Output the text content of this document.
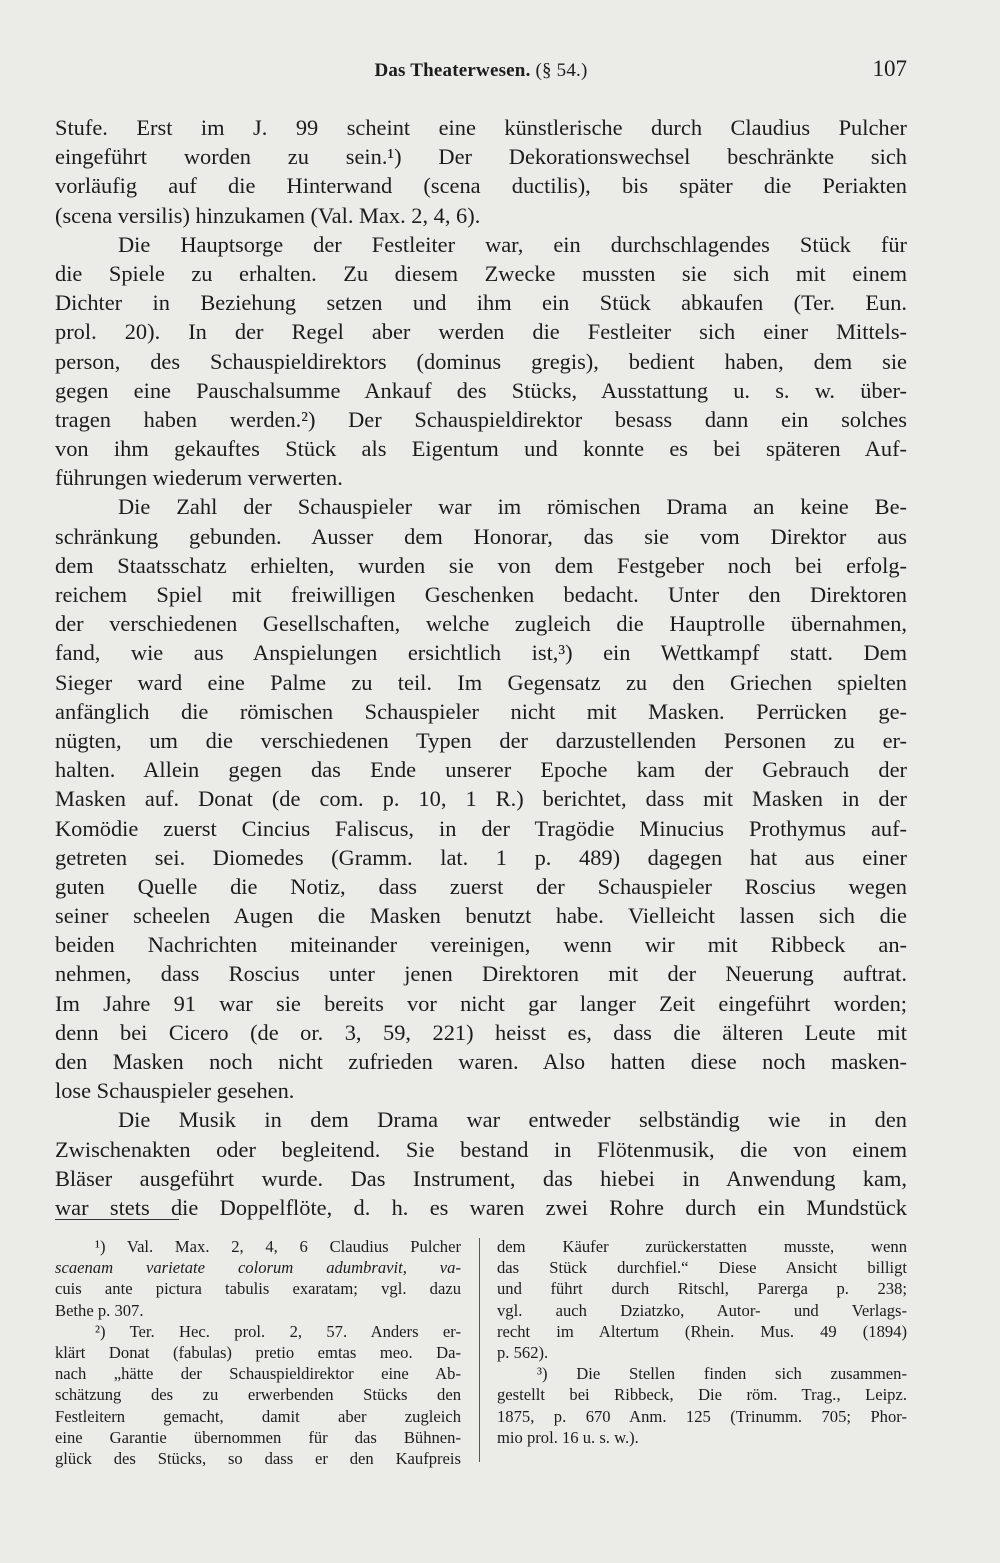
Das Theaterwesen. (§ 54.)	107
Stufe. Erst im J. 99 scheint eine künstlerische durch Claudius Pulcher
eingeführt worden zu sein.¹) Der Dekorationswechsel beschränkte sich
vorläufig auf die Hinterwand (scena ductilis), bis später die Periakten
(scena versilis) hinzukamen (Val. Max. 2, 4, 6).
Die Hauptsorge der Festleiter war, ein durchschlagendes Stück für
die Spiele zu erhalten. Zu diesem Zwecke mussten sie sich mit einem
Dichter in Beziehung setzen und ihm ein Stück abkaufen (Ter. Eun.
prol. 20). In der Regel aber werden die Festleiter sich einer Mittels-
person, des Schauspieldirektors (dominus gregis), bedient haben, dem sie
gegen eine Pauschalsumme Ankauf des Stücks, Ausstattung u. s. w. über-
tragen haben werden.²) Der Schauspieldirektor besass dann ein solches
von ihm gekauftes Stück als Eigentum und konnte es bei späteren Auf-
führungen wiederum verwerten.
Die Zahl der Schauspieler war im römischen Drama an keine Be-
schränkung gebunden. Ausser dem Honorar, das sie vom Direktor aus
dem Staatsschatz erhielten, wurden sie von dem Festgeber noch bei erfolg-
reichem Spiel mit freiwilligen Geschenken bedacht. Unter den Direktoren
der verschiedenen Gesellschaften, welche zugleich die Hauptrolle übernahmen,
fand, wie aus Anspielungen ersichtlich ist,³) ein Wettkampf statt. Dem
Sieger ward eine Palme zu teil. Im Gegensatz zu den Griechen spielten
anfänglich die römischen Schauspieler nicht mit Masken. Perrücken ge-
nügten, um die verschiedenen Typen der darzustellenden Personen zu er-
halten. Allein gegen das Ende unserer Epoche kam der Gebrauch der
Masken auf. Donat (de com. p. 10, 1 R.) berichtet, dass mit Masken in der
Komödie zuerst Cincius Faliscus, in der Tragödie Minucius Prothymus auf-
getreten sei. Diomedes (Gramm. lat. 1 p. 489) dagegen hat aus einer
guten Quelle die Notiz, dass zuerst der Schauspieler Roscius wegen
seiner scheelen Augen die Masken benutzt habe. Vielleicht lassen sich die
beiden Nachrichten miteinander vereinigen, wenn wir mit Ribbeck an-
nehmen, dass Roscius unter jenen Direktoren mit der Neuerung auftrat.
Im Jahre 91 war sie bereits vor nicht gar langer Zeit eingeführt worden;
denn bei Cicero (de or. 3, 59, 221) heisst es, dass die älteren Leute mit
den Masken noch nicht zufrieden waren. Also hatten diese noch masken-
lose Schauspieler gesehen.
Die Musik in dem Drama war entweder selbständig wie in den
Zwischenakten oder begleitend. Sie bestand in Flötenmusik, die von einem
Bläser ausgeführt wurde. Das Instrument, das hiebei in Anwendung kam,
war stets die Doppelflöte, d. h. es waren zwei Rohre durch ein Mundstück
¹) Val. Max. 2, 4, 6 Claudius Pulcher
scaenam varietate colorum adumbravit, va-
cuis ante pictura tabulis exaratam; vgl. dazu
Bethe p. 307.
²) Ter. Hec. prol. 2, 57. Anders er-
klärt Donat (fabulas) pretio emtas meo. Da-
nach „hätte der Schauspieldirektor eine Ab-
schätzung des zu erwerbenden Stücks den
Festleitern gemacht, damit aber zugleich
eine Garantie übernommen für das Bühnen-
glück des Stücks, so dass er den Kaufpreis
dem Käufer zurückerstatten musste, wenn
das Stück durchfiel.“ Diese Ansicht billigt
und führt durch Ritschl, Parerga p. 238;
vgl. auch Dziatzko, Autor- und Verlags-
recht im Altertum (Rhein. Mus. 49 (1894)
p. 562).
³) Die Stellen finden sich zusammen-
gestellt bei Ribbeck, Die röm. Trag., Leipz.
1875, p. 670 Anm. 125 (Trinumm. 705; Phor-
mio prol. 16 u. s. w.).
